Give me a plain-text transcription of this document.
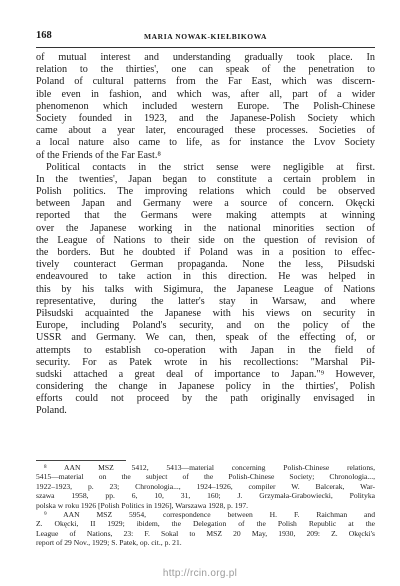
168	MARIA NOWAK-KIEŁBIKOWA
of mutual interest and understanding gradually took place. In
relation to the thirties', one can speak of the penetration to
Poland of cultural patterns from the Far East, which was discern-
ible even in fashion, and which was, after all, part of a wider
phenomenon which included western Europe. The Polish-Chinese
Society founded in 1923, and the Japanese-Polish Society which
came about a year later, encouraged these processes. Societies of
a local nature also came to life, as for instance the Lvov Society
of the Friends of the Far East.⁸
Political contacts in the strict sense were negligible at first.
In the twenties', Japan began to constitute a certain problem in
Polish politics. The improving relations which could be observed
between Japan and Germany were a source of concern. Okęcki
reported that the Germans were making attempts at winning
over the Japanese working in the national minorities section of
the League of Nations to their side on the question of revision of
the borders. But he doubted if Poland was in a position to effec-
tively counteract German propaganda. None the less, Piłsudski
endeavoured to take action in this direction. He was helped in
this by his talks with Sigimura, the Japanese League of Nations
representative, during the latter's stay in Warsaw, and where
Piłsudski acquainted the Japanese with his views on security in
Europe, including Poland's security, and on the policy of the
USSR and Germany. We can, then, speak of the effecting of, or
attempts to establish co-operation with Japan in the field of
security. For as Patek wrote in his recollections: "Marshal Pił-
sudski attached a great deal of importance to Japan."⁹ However,
considering the change in Japanese policy in the thirties', Polish
efforts could not proceed by the path originally envisaged in
Poland.
⁸ AAN MSZ 5412, 5413—material concerning Polish-Chinese relations,
5415—material on the subject of the Polish-Chinese Society; Chronologia...,
1922–1923, p. 23; Chronologia..., 1924–1926, compiler W. Balcerak, War-
szawa 1958, pp. 6, 10, 31, 160; J. Grzymała-Grabowiecki, Polityka
polska w roku 1926 [Polish Politics in 1926], Warszawa 1928, p. 197.
⁹ AAN MSZ 5954, correspondence between H. F. Raichman and
Z. Okęcki, II 1929; ibidem, the Delegation of the Polish Republic at the
League of Nations, 23: F. Sokal to MSZ 20 May, 1930, 209: Z. Okęcki's
report of 29 Nov., 1929; S. Patek, op. cit., p. 21.
http://rcin.org.pl
